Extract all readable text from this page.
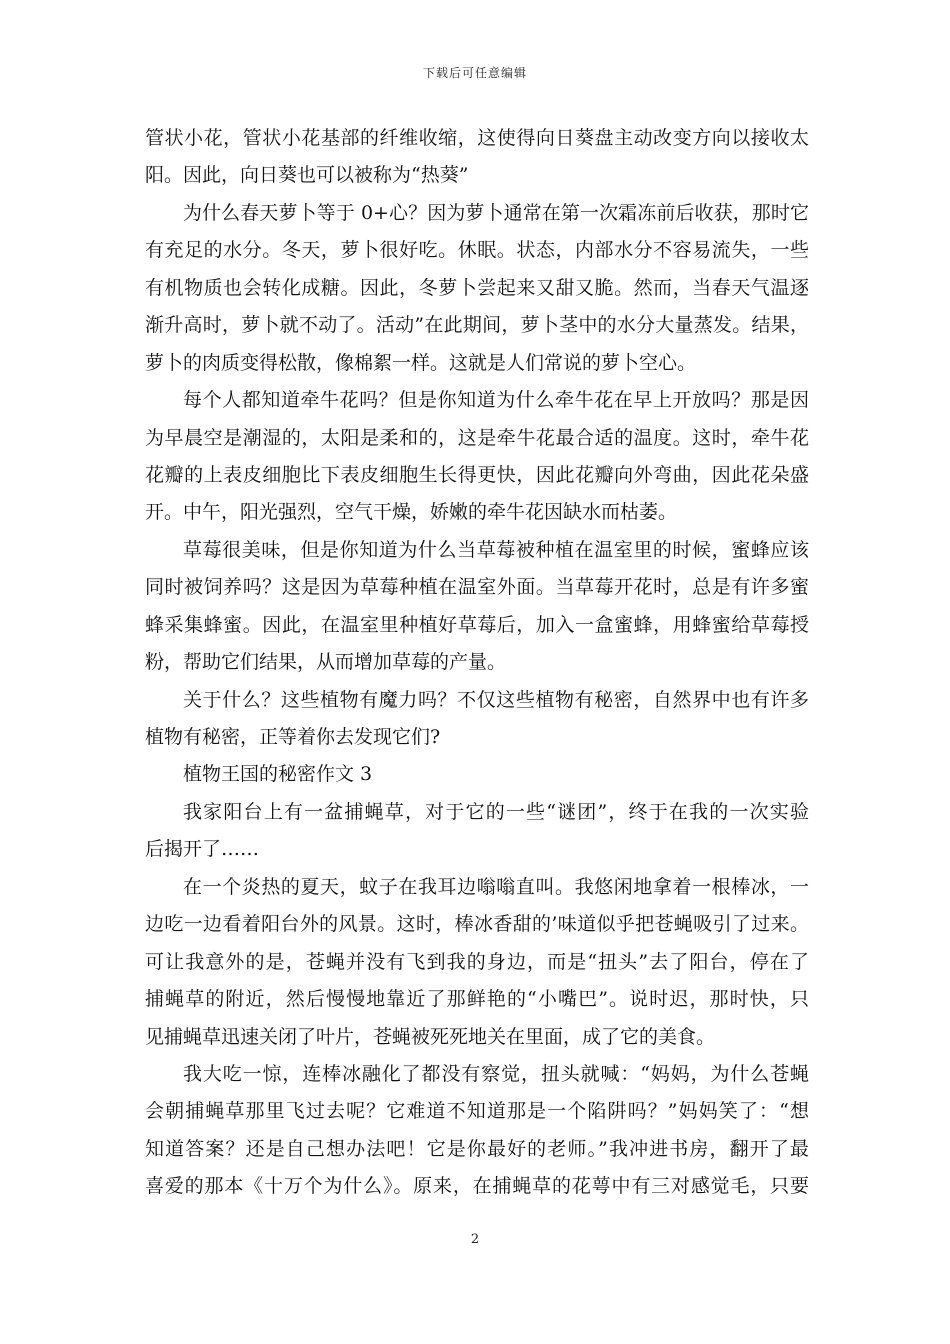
下载后可任意编辑
管状小花，管状小花基部的纤维收缩，这使得向日葵盘主动改变方向以接收太
阳。因此，向日葵也可以被称为“热葵”
为什么春天萝卜等于 0+心？因为萝卜通常在第一次霜冻前后收获，那时它
有充足的水分。冬天，萝卜很好吃。休眠。状态，内部水分不容易流失，一些
有机物质也会转化成糖。因此，冬萝卜尝起来又甜又脆。然而，当春天气温逐
渐升高时，萝卜就不动了。活动”在此期间，萝卜茎中的水分大量蒸发。结果，
萝卜的肉质变得松散，像棉絮一样。这就是人们常说的萝卜空心。
每个人都知道牵牛花吗？但是你知道为什么牵牛花在早上开放吗？那是因
为早晨空是潮湿的，太阳是柔和的，这是牵牛花最合适的温度。这时，牵牛花
花瓣的上表皮细胞比下表皮细胞生长得更快，因此花瓣向外弯曲，因此花朵盛
开。中午，阳光强烈，空气干燥，娇嫩的牵牛花因缺水而枯萎。
草莓很美味，但是你知道为什么当草莓被种植在温室里的时候，蜜蜂应该
同时被饲养吗？这是因为草莓种植在温室外面。当草莓开花时，总是有许多蜜
蜂采集蜂蜜。因此，在温室里种植好草莓后，加入一盒蜜蜂，用蜂蜜给草莓授
粉，帮助它们结果，从而增加草莓的产量。
关于什么？这些植物有魔力吗？不仅这些植物有秘密，自然界中也有许多
植物有秘密，正等着你去发现它们?
植物王国的秘密作文 3
我家阳台上有一盆捕蝇草，对于它的一些“谜团”，终于在我的一次实验
后揭开了……
在一个炎热的夏天，蚊子在我耳边嗡嗡直叫。我悠闲地拿着一根棒冰，一
边吃一边看着阳台外的风景。这时，棒冰香甜的’味道似乎把苍蝇吸引了过来。
可让我意外的是，苍蝇并没有飞到我的身边，而是“扭头”去了阳台，停在了
捕蝇草的附近，然后慢慢地靠近了那鲜艳的“小嘴巴”。说时迟，那时快，只
见捕蝇草迅速关闭了叶片，苍蝇被死死地关在里面，成了它的美食。
我大吃一惊，连棒冰融化了都没有察觉，扭头就喊：“妈妈，为什么苍蝇
会朝捕蝇草那里飞过去呢？它难道不知道那是一个陷阱吗？”妈妈笑了：“想
知道答案？还是自己想办法吧！它是你最好的老师。”我冲进书房，翻开了最
喜爱的那本《十万个为什么》。原来，在捕蝇草的花萼中有三对感觉毛，只要
2
